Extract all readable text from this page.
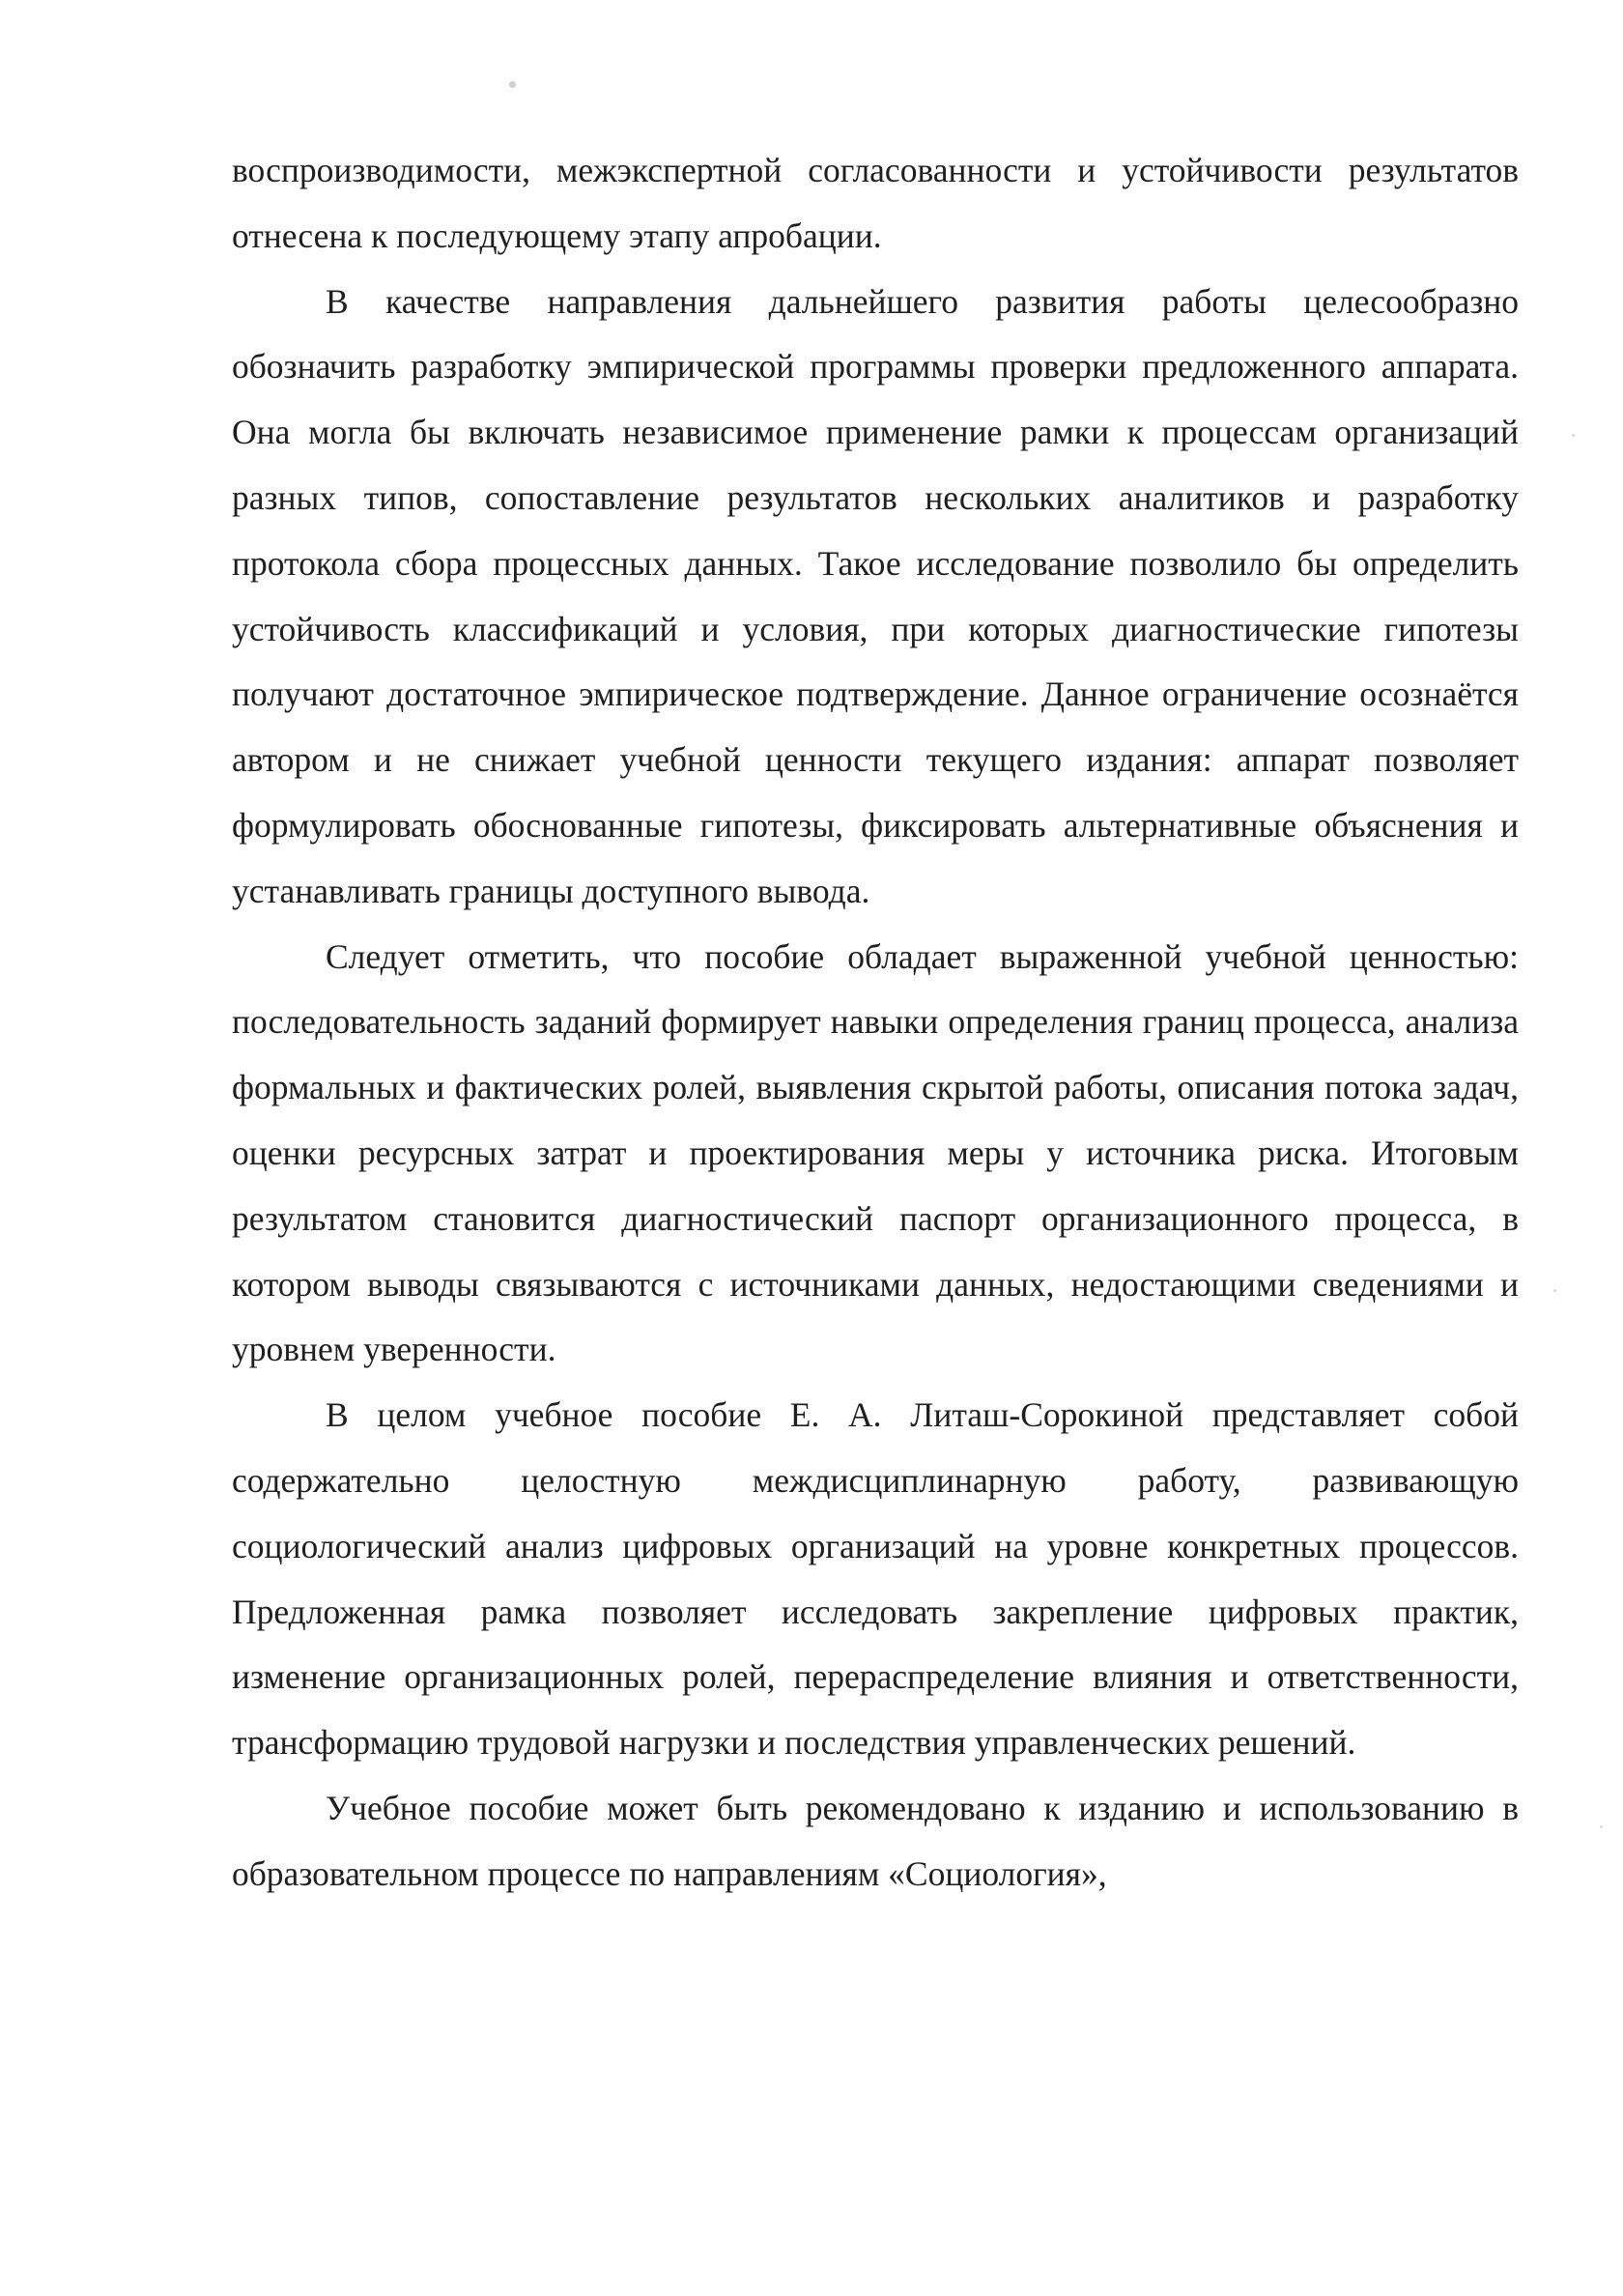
воспроизводимости, межэкспертной согласованности и устойчивости результатов отнесена к последующему этапу апробации.

В качестве направления дальнейшего развития работы целесообразно обозначить разработку эмпирической программы проверки предложенного аппарата. Она могла бы включать независимое применение рамки к процессам организаций разных типов, сопоставление результатов нескольких аналитиков и разработку протокола сбора процессных данных. Такое исследование позволило бы определить устойчивость классификаций и условия, при которых диагностические гипотезы получают достаточное эмпирическое подтверждение. Данное ограничение осознаётся автором и не снижает учебной ценности текущего издания: аппарат позволяет формулировать обоснованные гипотезы, фиксировать альтернативные объяснения и устанавливать границы доступного вывода.

Следует отметить, что пособие обладает выраженной учебной ценностью: последовательность заданий формирует навыки определения границ процесса, анализа формальных и фактических ролей, выявления скрытой работы, описания потока задач, оценки ресурсных затрат и проектирования меры у источника риска. Итоговым результатом становится диагностический паспорт организационного процесса, в котором выводы связываются с источниками данных, недостающими сведениями и уровнем уверенности.

В целом учебное пособие Е. А. Литаш-Сорокиной представляет собой содержательно целостную междисциплинарную работу, развивающую социологический анализ цифровых организаций на уровне конкретных процессов. Предложенная рамка позволяет исследовать закрепление цифровых практик, изменение организационных ролей, перераспределение влияния и ответственности, трансформацию трудовой нагрузки и последствия управленческих решений.

Учебное пособие может быть рекомендовано к изданию и использованию в образовательном процессе по направлениям «Социология»,
